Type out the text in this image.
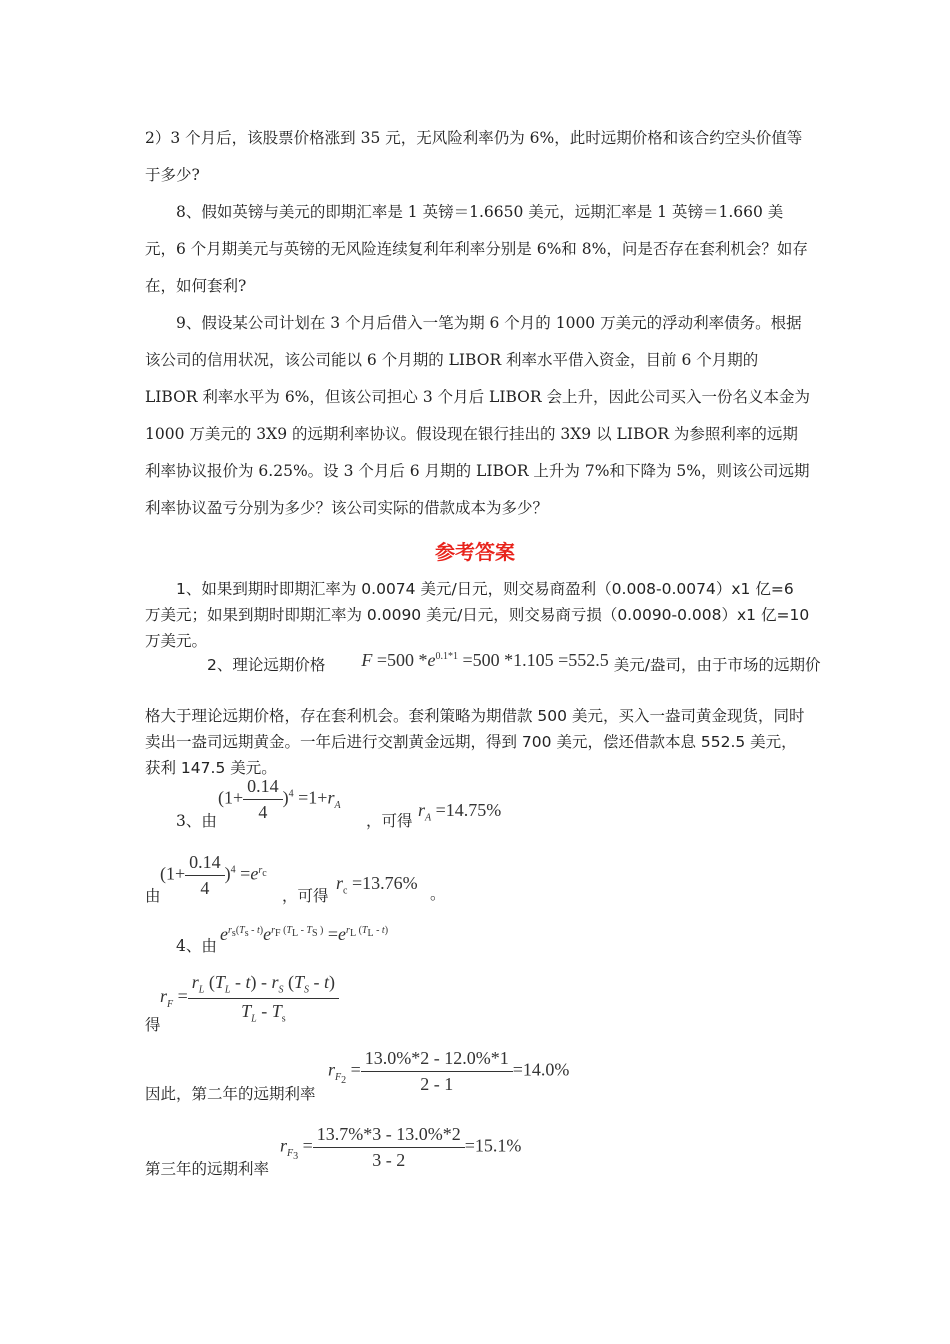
2）3 个月后，该股票价格涨到 35 元，无风险利率仍为 6%，此时远期价格和该合约空头价值等于多少?

8、假如英镑与美元的即期汇率是 1 英镑＝1.6650 美元，远期汇率是 1 英镑＝1.660 美元，6 个月期美元与英镑的无风险连续复利年利率分别是 6%和 8%，问是否存在套利机会？如存在，如何套利?

9、假设某公司计划在 3 个月后借入一笔为期 6 个月的 1000 万美元的浮动利率债务。根据该公司的信用状况，该公司能以 6 个月期的 LIBOR 利率水平借入资金，目前 6 个月期的 LIBOR 利率水平为 6%，但该公司担心 3 个月后 LIBOR 会上升，因此公司买入一份名义本金为 1000 万美元的 3X9 的远期利率协议。假设现在银行挂出的 3X9 以 LIBOR 为参照利率的远期利率协议报价为 6.25%。设 3 个月后 6 月期的 LIBOR 上升为 7%和下降为 5%，则该公司远期利率协议盈亏分别为多少？该公司实际的借款成本为多少？

参考答案

1、如果到期时即期汇率为 0.0074 美元/日元，则交易商盈利（0.008-0.0074）x1 亿=6 万美元；如果到期时即期汇率为 0.0090 美元/日元，则交易商亏损（0.0090-0.008）x1 亿=10 万美元。

2、理论远期价格 F =500 $*e^{0.1*1} =500$ *1.105 =552.5 美元/盎司，由于市场的远期价

格大于理论远期价格，存在套利机会。套利策略为期借款 500 美元，买入一盎司黄金现货，同时卖出一盎司远期黄金。一年后进行交割黄金远期，得到 700 美元，偿还借款本息 552.5 美元，获利 147.5 美元。

3、由
$(1+ \frac{0.14}{4} )^4 =1+r_A$
，可得
$r_A =14.75\%$
由
$(1+ \frac{0.14}{4} )^4 =e^{r_c}$
，可得
$r_c =13.76\%$
。
4、由
$e^{r_s(T_s - t)}e^{r_F (T_L - T_S )} =e^{r_L (T_L - t)}$
得
$r_F = \frac{r_L (T_L - t) - r_S (T_S - t)}{T_L - T_s}$
因此，第二年的远期利率
$r_{F_2} = \frac{13.0\%*2 - 12.0\%*1}{2 - 1} =14.0\%$
第三年的远期利率
$r_{F_3} = \frac{13.7\%*3 - 13.0\%*2}{3 - 2} =15.1\%$
